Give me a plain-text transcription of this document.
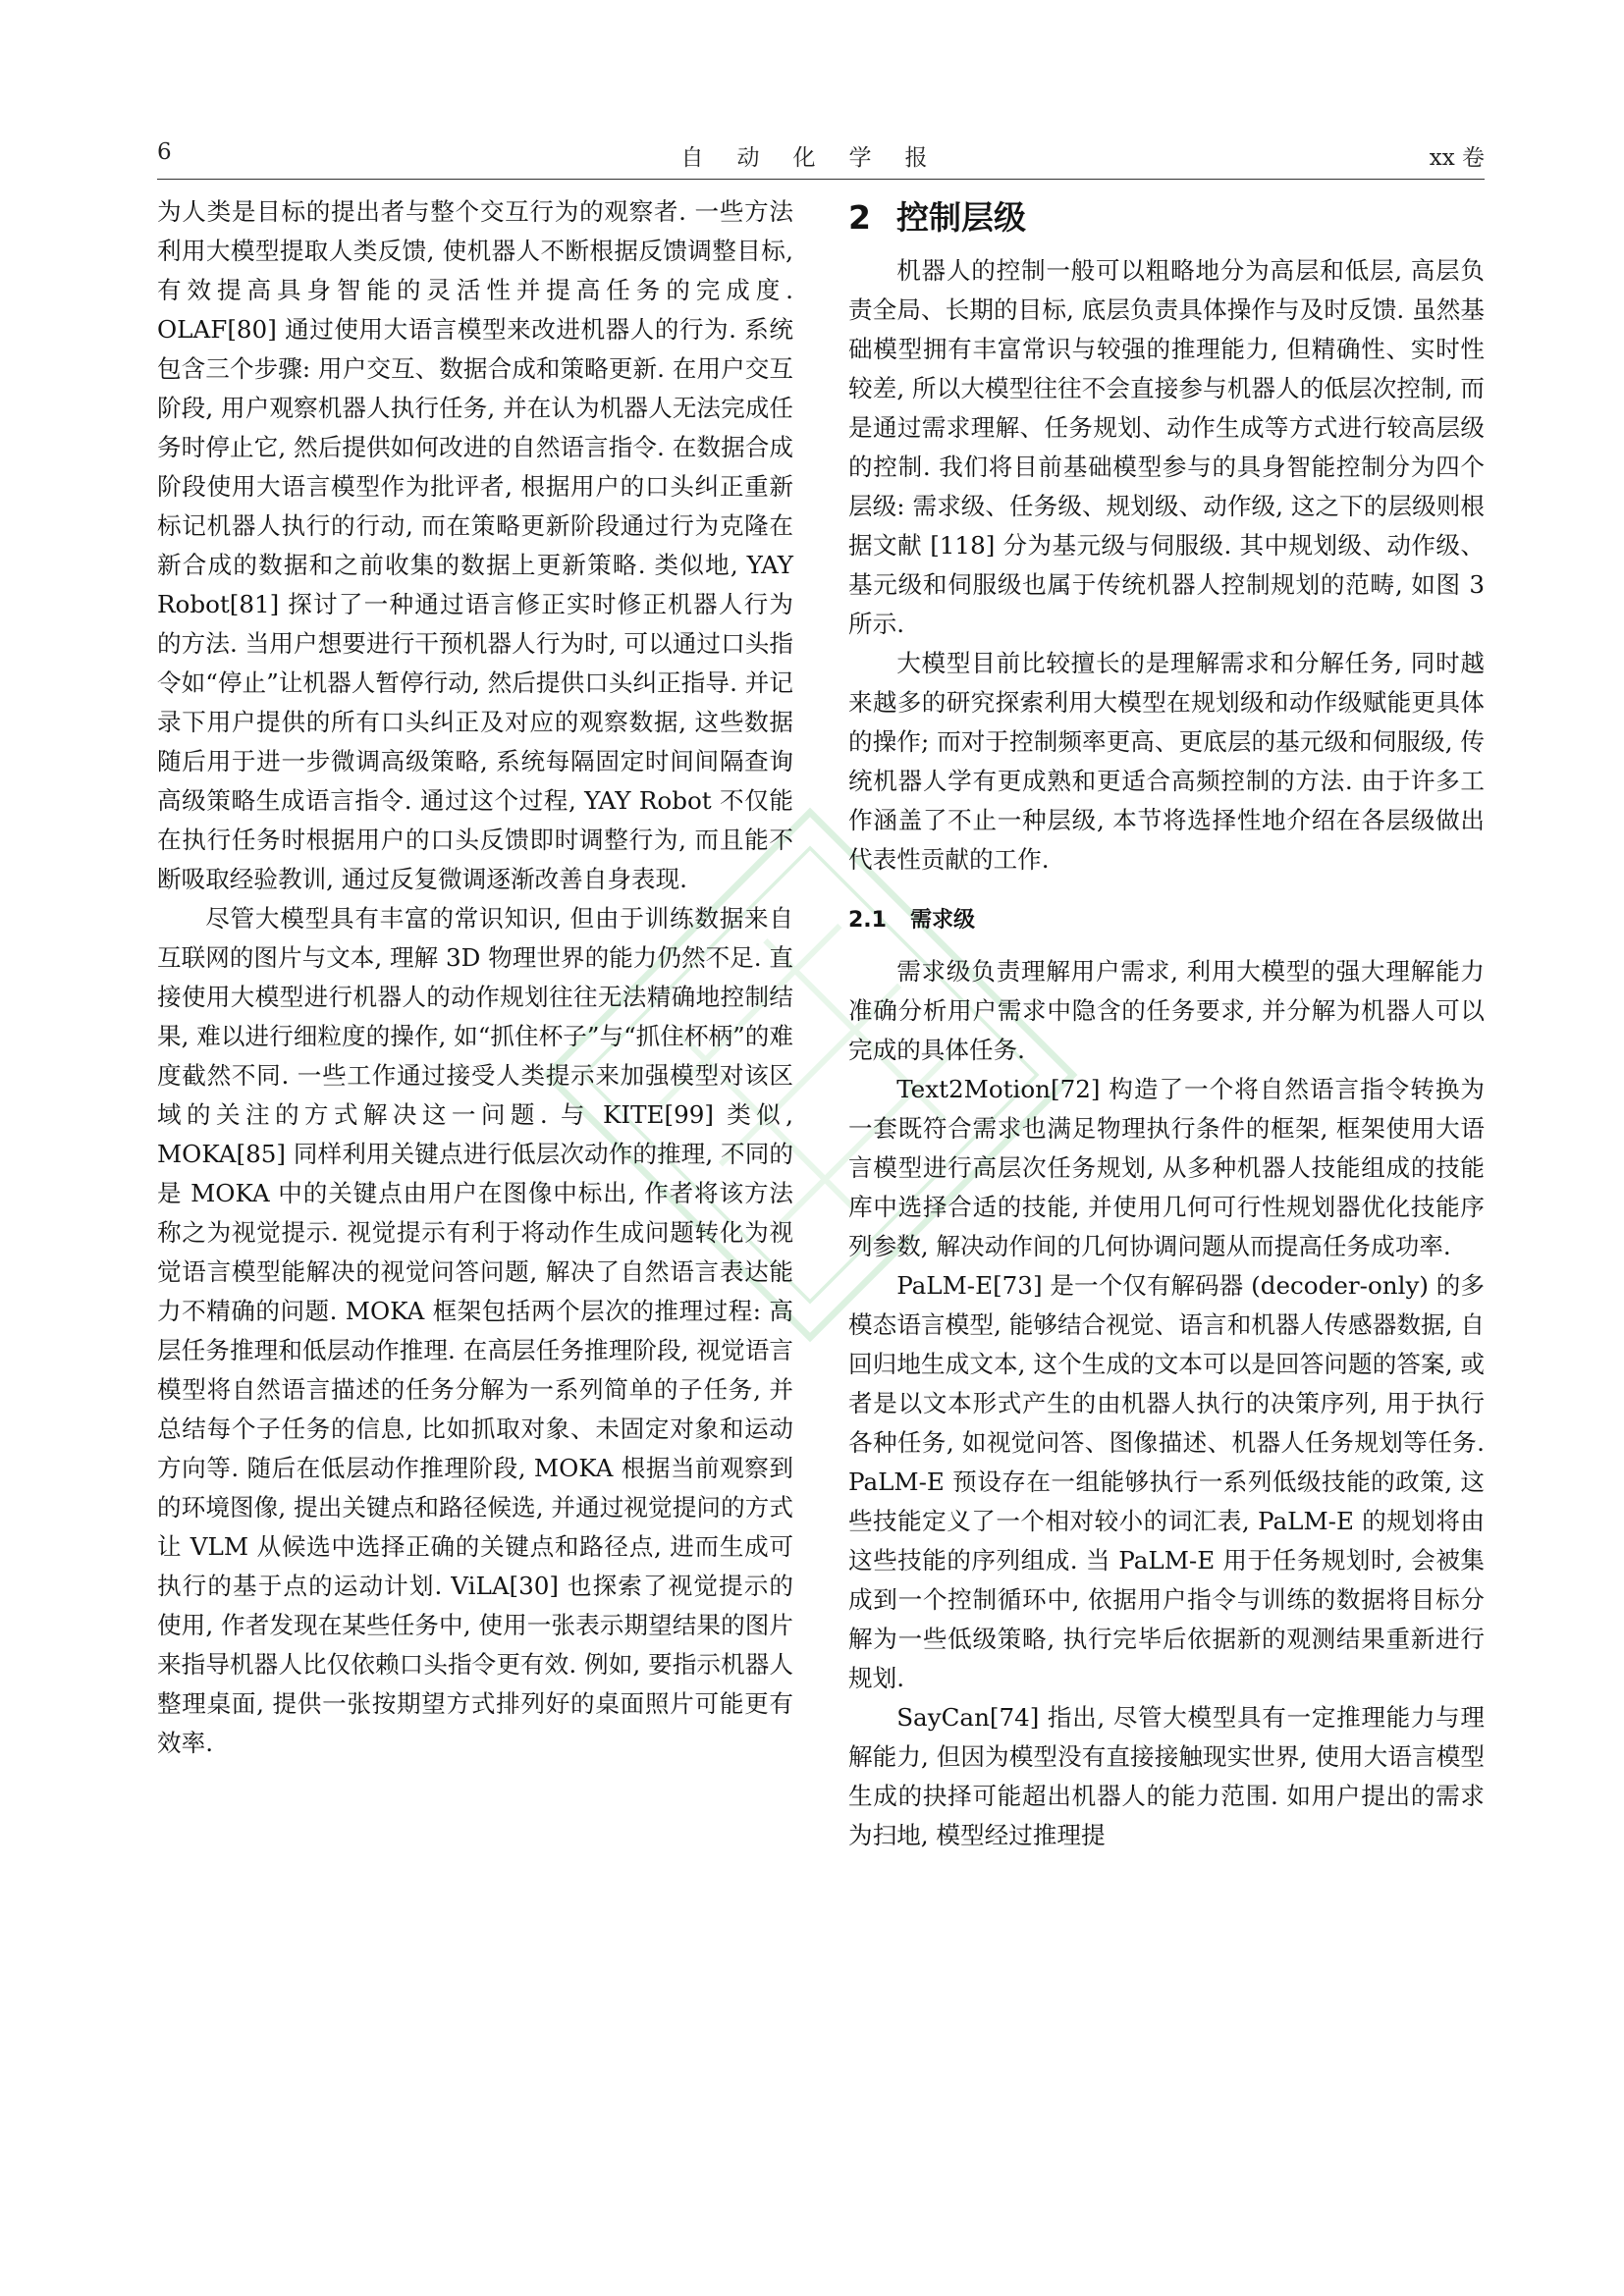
6	自动化学报	xx 卷

为人类是目标的提出者与整个交互行为的观察者. 一些方法利用大模型提取人类反馈, 使机器人不断根据反馈调整目标, 有效提高具身智能的灵活性并提高任务的完成度. OLAF[80] 通过使用大语言模型来改进机器人的行为. 系统包含三个步骤: 用户交互、数据合成和策略更新. 在用户交互阶段, 用户观察机器人执行任务, 并在认为机器人无法完成任务时停止它, 然后提供如何改进的自然语言指令. 在数据合成阶段使用大语言模型作为批评者, 根据用户的口头纠正重新标记机器人执行的行动, 而在策略更新阶段通过行为克隆在新合成的数据和之前收集的数据上更新策略. 类似地, YAY Robot[81] 探讨了一种通过语言修正实时修正机器人行为的方法. 当用户想要进行干预机器人行为时, 可以通过口头指令如“停止”让机器人暂停行动, 然后提供口头纠正指导. 并记录下用户提供的所有口头纠正及对应的观察数据, 这些数据随后用于进一步微调高级策略, 系统每隔固定时间间隔查询高级策略生成语言指令. 通过这个过程, YAY Robot 不仅能在执行任务时根据用户的口头反馈即时调整行为, 而且能不断吸取经验教训, 通过反复微调逐渐改善自身表现.

尽管大模型具有丰富的常识知识, 但由于训练数据来自互联网的图片与文本, 理解 3D 物理世界的能力仍然不足. 直接使用大模型进行机器人的动作规划往往无法精确地控制结果, 难以进行细粒度的操作, 如“抓住杯子”与“抓住杯柄”的难度截然不同. 一些工作通过接受人类提示来加强模型对该区域的关注的方式解决这一问题. 与 KITE[99] 类似, MOKA[85] 同样利用关键点进行低层次动作的推理, 不同的是 MOKA 中的关键点由用户在图像中标出, 作者将该方法称之为视觉提示. 视觉提示有利于将动作生成问题转化为视觉语言模型能解决的视觉问答问题, 解决了自然语言表达能力不精确的问题. MOKA 框架包括两个层次的推理过程: 高层任务推理和低层动作推理. 在高层任务推理阶段, 视觉语言模型将自然语言描述的任务分解为一系列简单的子任务, 并总结每个子任务的信息, 比如抓取对象、未固定对象和运动方向等. 随后在低层动作推理阶段, MOKA 根据当前观察到的环境图像, 提出关键点和路径候选, 并通过视觉提问的方式让 VLM 从候选中选择正确的关键点和路径点, 进而生成可执行的基于点的运动计划. ViLA[30] 也探索了视觉提示的使用, 作者发现在某些任务中, 使用一张表示期望结果的图片来指导机器人比仅依赖口头指令更有效. 例如, 要指示机器人整理桌面, 提供一张按期望方式排列好的桌面照片可能更有效率.

2 控制层级

机器人的控制一般可以粗略地分为高层和低层, 高层负责全局、长期的目标, 底层负责具体操作与及时反馈. 虽然基础模型拥有丰富常识与较强的推理能力, 但精确性、实时性较差, 所以大模型往往不会直接参与机器人的低层次控制, 而是通过需求理解、任务规划、动作生成等方式进行较高层级的控制. 我们将目前基础模型参与的具身智能控制分为四个层级: 需求级、任务级、规划级、动作级, 这之下的层级则根据文献 [118] 分为基元级与伺服级. 其中规划级、动作级、基元级和伺服级也属于传统机器人控制规划的范畴, 如图 3 所示.

大模型目前比较擅长的是理解需求和分解任务, 同时越来越多的研究探索利用大模型在规划级和动作级赋能更具体的操作; 而对于控制频率更高、更底层的基元级和伺服级, 传统机器人学有更成熟和更适合高频控制的方法. 由于许多工作涵盖了不止一种层级, 本节将选择性地介绍在各层级做出代表性贡献的工作.

2.1 需求级

需求级负责理解用户需求, 利用大模型的强大理解能力准确分析用户需求中隐含的任务要求, 并分解为机器人可以完成的具体任务.

Text2Motion[72] 构造了一个将自然语言指令转换为一套既符合需求也满足物理执行条件的框架, 框架使用大语言模型进行高层次任务规划, 从多种机器人技能组成的技能库中选择合适的技能, 并使用几何可行性规划器优化技能序列参数, 解决动作间的几何协调问题从而提高任务成功率.

PaLM-E[73] 是一个仅有解码器 (decoder-only) 的多模态语言模型, 能够结合视觉、语言和机器人传感器数据, 自回归地生成文本, 这个生成的文本可以是回答问题的答案, 或者是以文本形式产生的由机器人执行的决策序列, 用于执行各种任务, 如视觉问答、图像描述、机器人任务规划等任务. PaLM-E 预设存在一组能够执行一系列低级技能的政策, 这些技能定义了一个相对较小的词汇表, PaLM-E 的规划将由这些技能的序列组成. 当 PaLM-E 用于任务规划时, 会被集成到一个控制循环中, 依据用户指令与训练的数据将目标分解为一些低级策略, 执行完毕后依据新的观测结果重新进行规划.

SayCan[74] 指出, 尽管大模型具有一定推理能力与理解能力, 但因为模型没有直接接触现实世界, 使用大语言模型生成的抉择可能超出机器人的能力范围. 如用户提出的需求为扫地, 模型经过推理提
